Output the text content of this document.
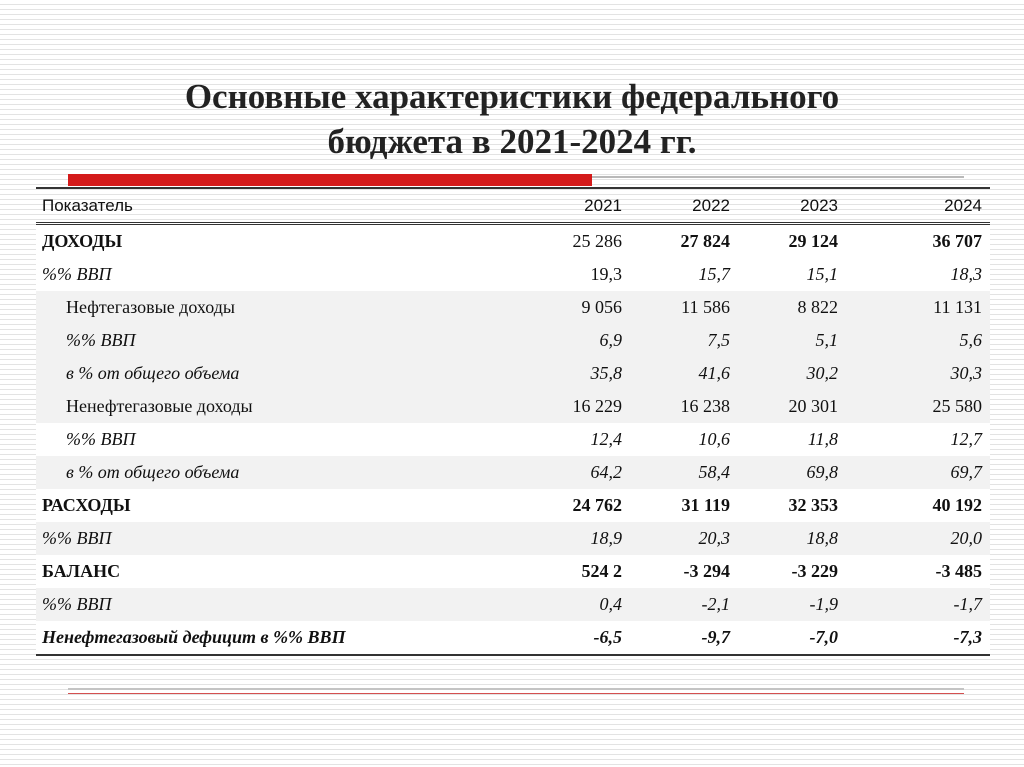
Основные характеристики федерального
бюджета в 2021-2024 гг.
Показатель	2021	2022	2023	2024
ДОХОДЫ	25 286	27 824	29 124	36 707
%% ВВП	19,3	15,7	15,1	18,3
Нефтегазовые доходы	9 056	11 586	8 822	11 131
%% ВВП	6,9	7,5	5,1	5,6
в % от общего объема	35,8	41,6	30,2	30,3
Ненефтегазовые доходы	16 229	16 238	20 301	25 580
%% ВВП	12,4	10,6	11,8	12,7
в % от общего объема	64,2	58,4	69,8	69,7
РАСХОДЫ	24 762	31 119	32 353	40 192
%% ВВП	18,9	20,3	18,8	20,0
БАЛАНС	524 2	-3 294	-3 229	-3 485
%% ВВП	0,4	-2,1	-1,9	-1,7
Ненефтегазовый дефицит в %% ВВП	-6,5	-9,7	-7,0	-7,3
